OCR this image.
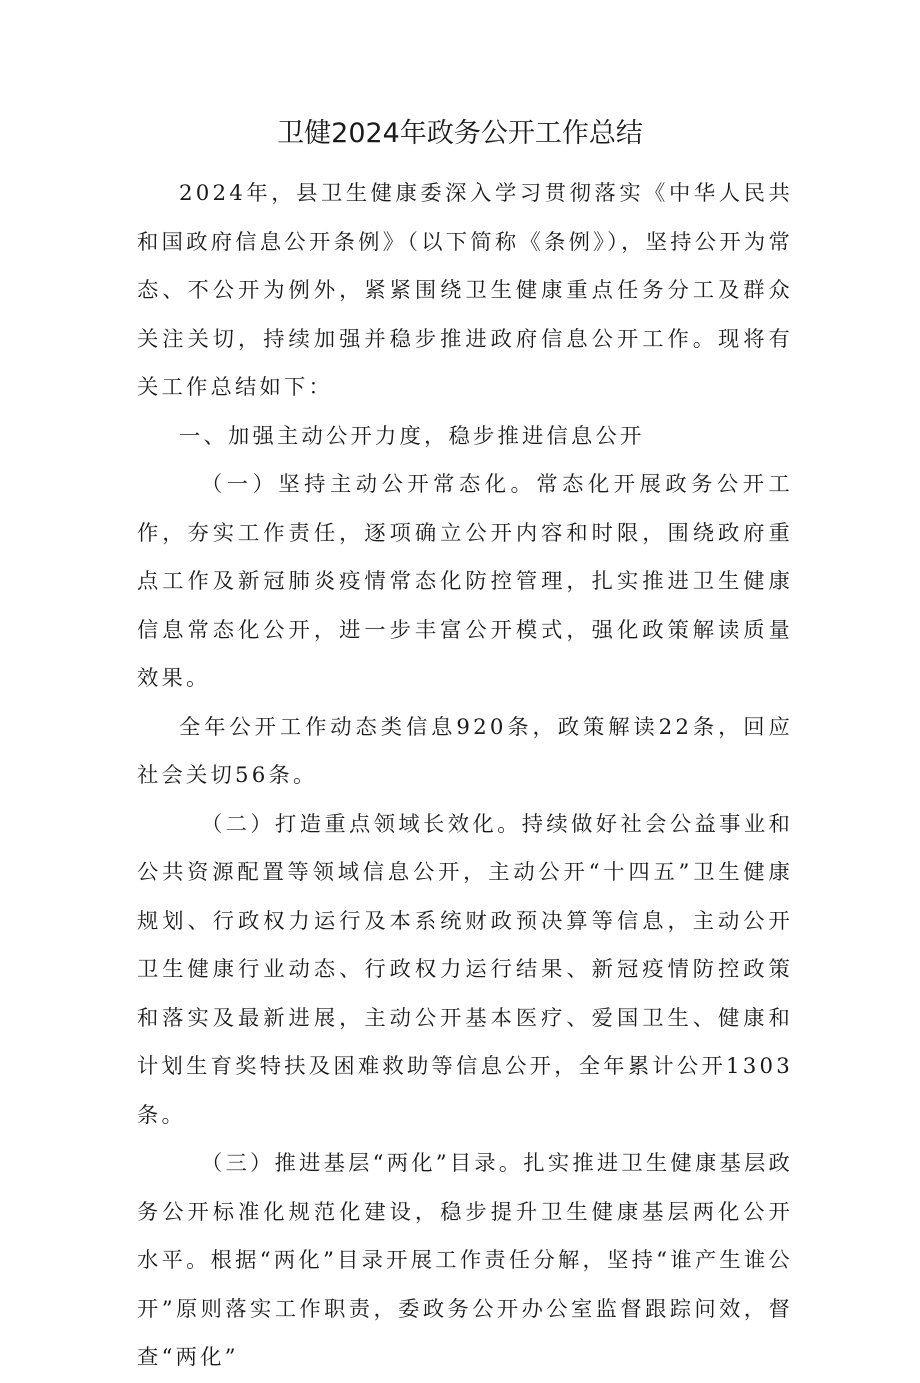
卫健2024年政务公开工作总结

2024年，县卫生健康委深入学习贯彻落实《中华人民共和国政府信息公开条例》（以下简称《条例》），坚持公开为常态、不公开为例外，紧紧围绕卫生健康重点任务分工及群众关注关切，持续加强并稳步推进政府信息公开工作。现将有关工作总结如下：

一、加强主动公开力度，稳步推进信息公开

（一）坚持主动公开常态化。常态化开展政务公开工作，夯实工作责任，逐项确立公开内容和时限，围绕政府重点工作及新冠肺炎疫情常态化防控管理，扎实推进卫生健康信息常态化公开，进一步丰富公开模式，强化政策解读质量效果。

全年公开工作动态类信息920条，政策解读22条，回应社会关切56条。

（二）打造重点领域长效化。持续做好社会公益事业和公共资源配置等领域信息公开，主动公开“十四五”卫生健康规划、行政权力运行及本系统财政预决算等信息，主动公开卫生健康行业动态、行政权力运行结果、新冠疫情防控政策和落实及最新进展，主动公开基本医疗、爱国卫生、健康和计划生育奖特扶及困难救助等信息公开，全年累计公开1303条。

（三）推进基层“两化”目录。扎实推进卫生健康基层政务公开标准化规范化建设，稳步提升卫生健康基层两化公开水平。根据“两化”目录开展工作责任分解，坚持“谁产生谁公开”原则落实工作职责，委政务公开办公室监督跟踪问效，督查“两化”
